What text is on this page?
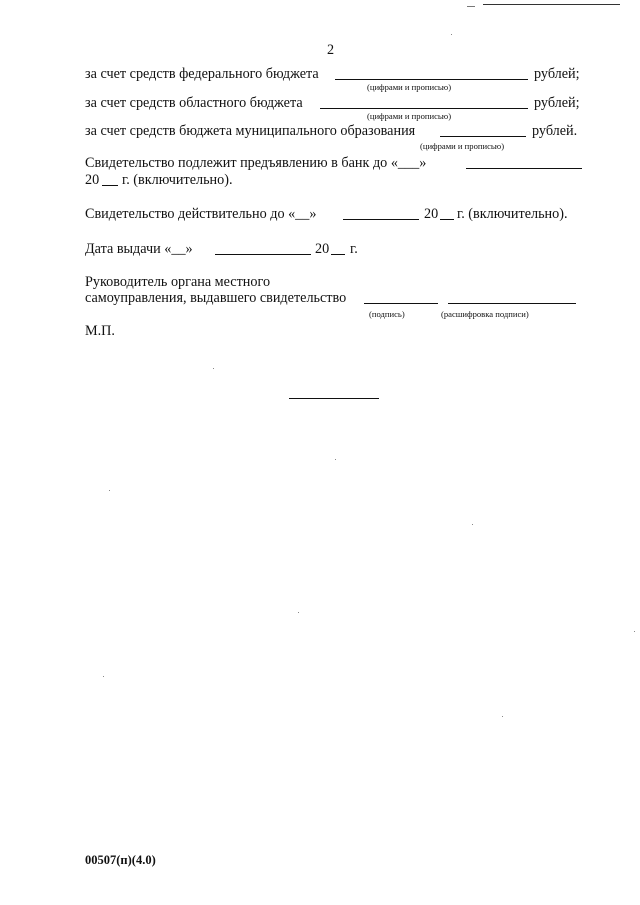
2
за счет средств федерального бюджета	рублей;
(цифрами и прописью)
за счет средств областного бюджета	рублей;
(цифрами и прописью)
за счет средств бюджета муниципального образования	рублей.
(цифрами и прописью)
Свидетельство подлежит предъявлению в банк до «___»
20 г. (включительно).
Свидетельство действительно до «__»	20 г. (включительно).
Дата выдачи «__»	20 г.
Руководитель органа местного
самоуправления, выдавшего свидетельство
(подпись)	(расшифровка подписи)
М.П.
00507(п)(4.0)
